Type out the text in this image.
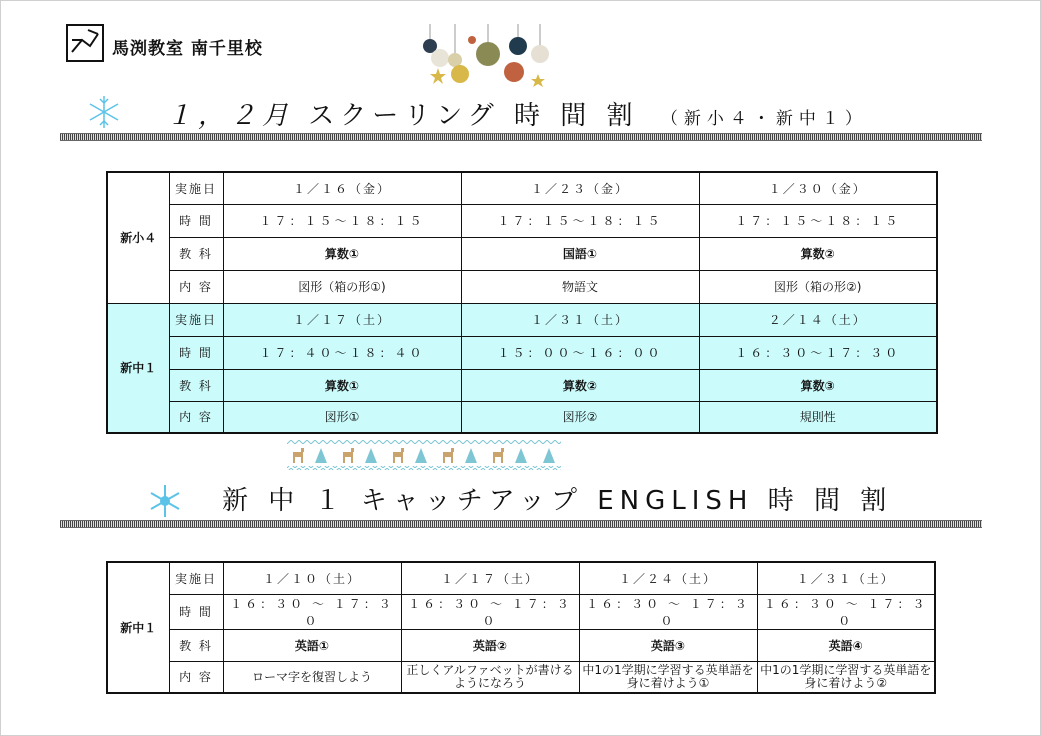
馬渕教室 南千里校
１，２月 スクーリング 時 間 割 （新小４・新中１）
新小４	実施日	１／１６（金）	１／２３（金）	１／３０（金）
	時 間	１７：１５〜１８：１５	１７：１５〜１８：１５	１７：１５〜１８：１５
	教 科	算数①	国語①	算数②
	内 容	図形（箱の形①)	物語文	図形（箱の形②)
新中１	実施日	１／１７（土）	１／３１（土）	２／１４（土）
	時 間	１７：４０〜１８：４０	１５：００〜１６：００	１６：３０〜１７：３０
	教 科	算数①	算数②	算数③
	内 容	図形①	図形②	規則性
新 中 １ キャッチアップ ENGLISH 時 間 割
新中１	実施日	１／１０（土）	１／１７（土）	１／２４（土）	１／３１（土）
	時 間	１６：３０ 〜 １７：３０	１６：３０ 〜 １７：３０	１６：３０ 〜 １７：３０	１６：３０ 〜 １７：３０
	教 科	英語①	英語②	英語③	英語④
	内 容	ローマ字を復習しよう	正しくアルファベットが書けるようになろう	中1の1学期に学習する英単語を身に着けよう①	中1の1学期に学習する英単語を身に着けよう②
